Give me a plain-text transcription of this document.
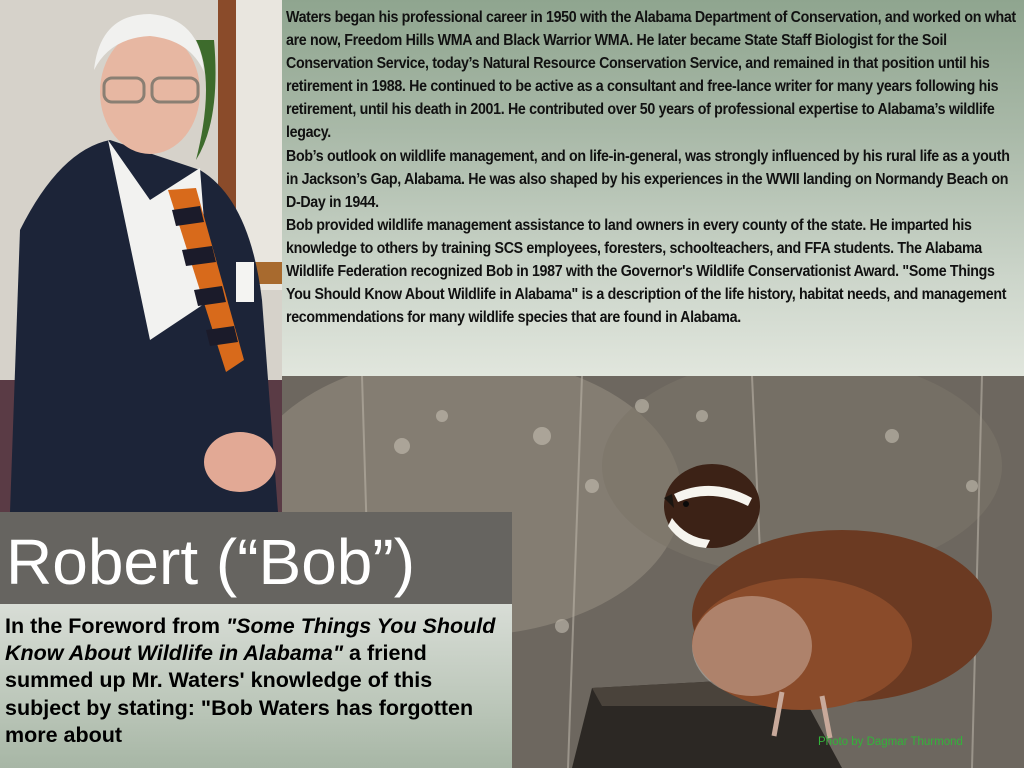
Waters began his professional career in 1950 with the Alabama Department of Conservation, and worked on what are now, Freedom Hills WMA and Black Warrior WMA. He later became State Staff Biologist for the Soil Conservation Service, today’s Natural Resource Conservation Service, and remained in that position until his retirement in 1988. He continued to be active as a consultant and free-lance writer for many years following his retirement, until his death in 2001. He contributed over 50 years of professional expertise to Alabama’s wildlife legacy.

Bob’s outlook on wildlife management, and on life-in-general, was strongly influenced by his rural life as a youth in Jackson’s Gap, Alabama. He was also shaped by his experiences in the WWII landing on Normandy Beach on D-Day in 1944.

Bob provided wildlife management assistance to land owners in every county of the state. He imparted his knowledge to others by training SCS employees, foresters, schoolteachers, and FFA students. The Alabama Wildlife Federation recognized Bob in 1987 with the Governor's Wildlife Conservationist Award. "Some Things You Should Know About Wildlife in Alabama" is a description of the life history, habitat needs, and management recommendations for many wildlife species that are found in Alabama.

Photo by Dagmar Thurmond
Robert (“Bob”)

In the Foreword from "Some Things You Should Know About Wildlife in Alabama" a friend summed up Mr. Waters' knowledge of this subject by stating: "Bob Waters has forgotten more about
